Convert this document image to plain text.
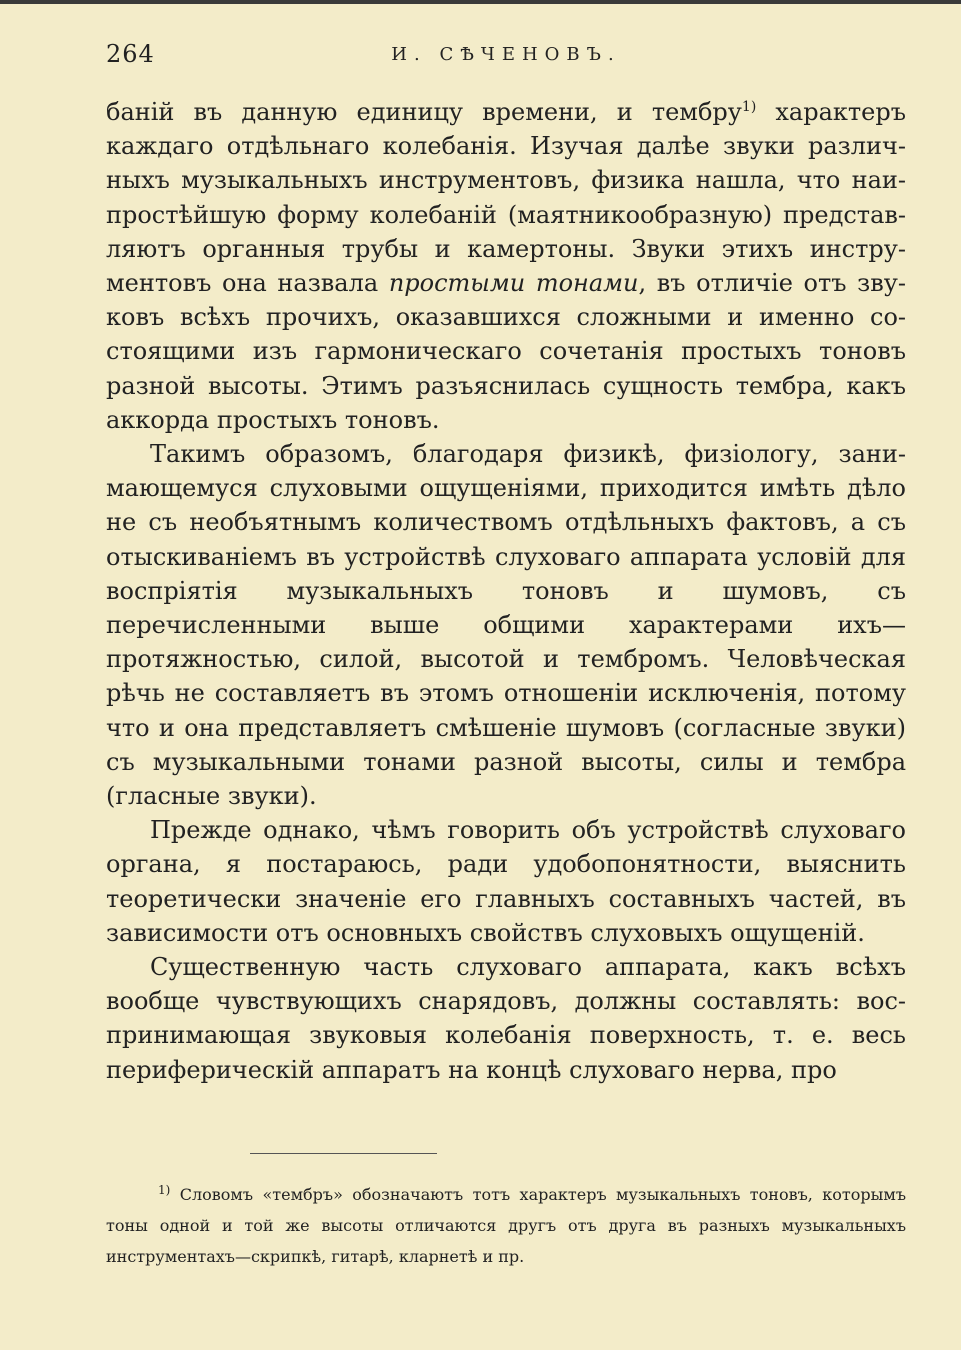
264	И. СѢЧЕНОВЪ.

баній въ данную единицу времени, и тембру$^{1)}$ характеръ каждаго отдѣльнаго колебанія. Изучая далѣе звуки различныхъ музыкальныхъ инструментовъ, физика нашла, что наипростѣйшую форму колебаній (маятникообразную) представляютъ органныя трубы и камертоны. Звуки этихъ инструментовъ она назвала простыми тонами, въ отличіе отъ звуковъ всѣхъ прочихъ, оказавшихся сложными и именно состоящими изъ гармоническаго сочетанія простыхъ тоновъ разной высоты. Этимъ разъяснилась сущность тембра, какъ аккорда простыхъ тоновъ.

Такимъ образомъ, благодаря физикѣ, физіологу, занимающемуся слуховыми ощущеніями, приходится имѣть дѣло не съ необъятнымъ количествомъ отдѣльныхъ фактовъ, а съ отыскиваніемъ въ устройствѣ слуховаго аппарата условій для воспріятія музыкальныхъ тоновъ и шумовъ, съ перечисленными выше общими характерами ихъ— протяжностью, силой, высотой и тембромъ. Человѣческая рѣчь не составляетъ въ этомъ отношеніи исключенія, потому что и она представляетъ смѣшеніе шумовъ (согласные звуки) съ музыкальными тонами разной высоты, силы и тембра (гласные звуки).

Прежде однако, чѣмъ говорить объ устройствѣ слуховаго органа, я постараюсь, ради удобопонятности, выяснить теоретически значеніе его главныхъ составныхъ частей, въ зависимости отъ основныхъ свойствъ слуховыхъ ощущеній.

Существенную часть слуховаго аппарата, какъ всѣхъ вообще чувствующихъ снарядовъ, должны составлять: воспринимающая звуковыя колебанія поверхность, т. е. весь периферическій аппаратъ на концѣ слуховаго нерва, про

$^{1)}$ Словомъ «тембръ» обозначаютъ тотъ характеръ музыкальныхъ тоновъ, которымъ тоны одной и той же высоты отличаются другъ отъ друга въ разныхъ музыкальныхъ инструментахъ—скрипкѣ, гитарѣ, кларнетѣ и пр.
